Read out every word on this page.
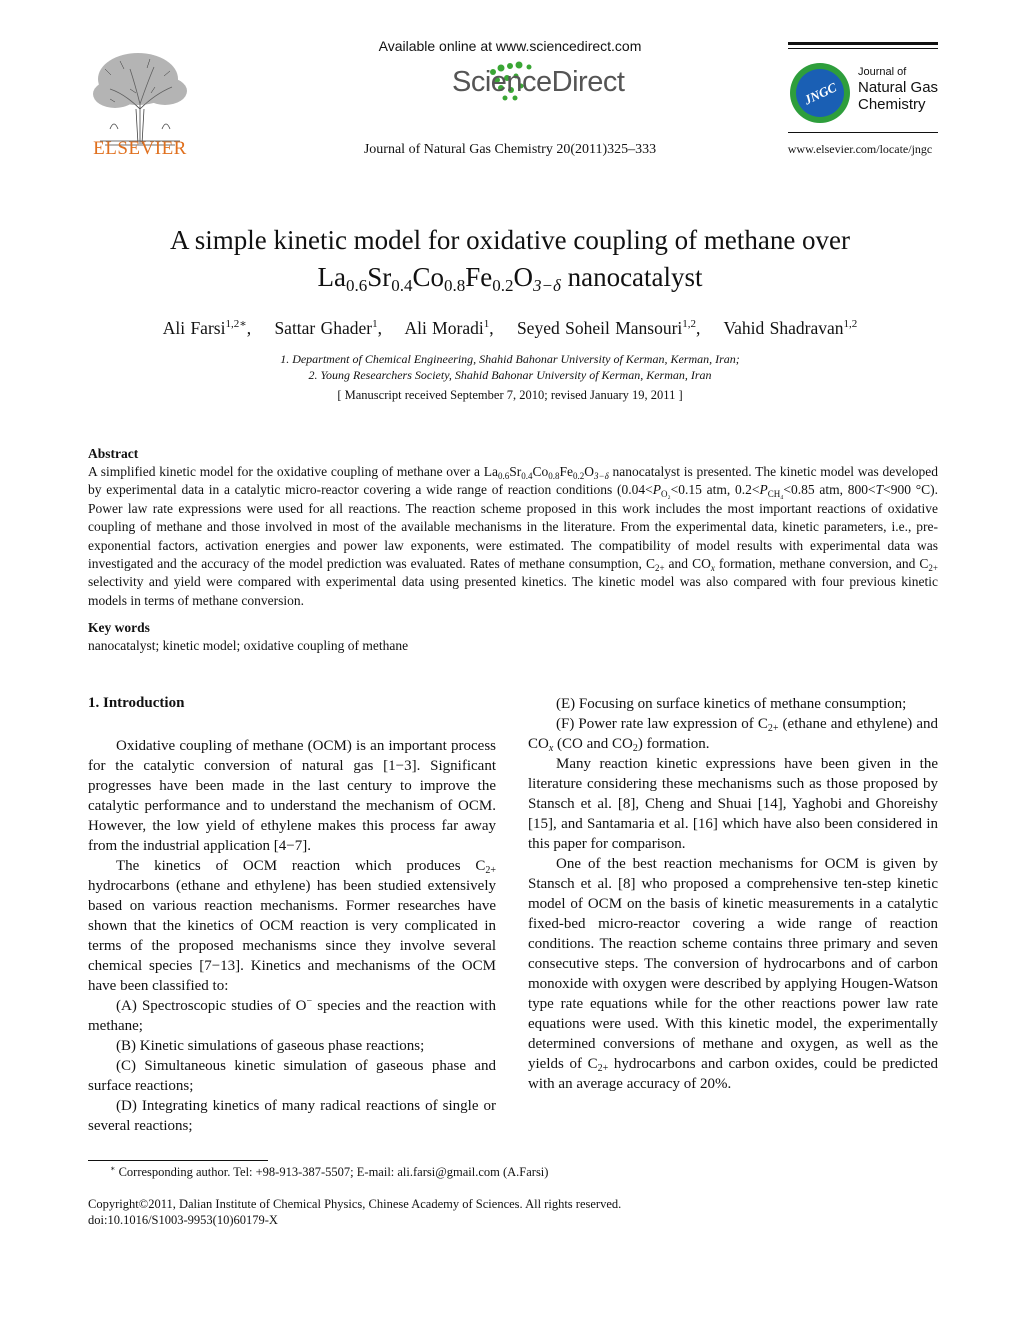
ELSEVIER
Available online at www.sciencedirect.com
ScienceDirect
Journal of Natural Gas Chemistry 20(2011)325–333
JNGC
Journal of
Natural Gas
Chemistry
www.elsevier.com/locate/jngc
A simple kinetic model for oxidative coupling of methane over
$La_{0.6}Sr_{0.4}Co_{0.8}Fe_{0.2}O_{3-\delta}$ nanocatalyst
Ali Farsi$^{1,2∗}$, Sattar Ghader$^1$, Ali Moradi$^1$, Seyed Soheil Mansouri$^{1,2}$, Vahid Shadravan$^{1,2}$
1. Department of Chemical Engineering, Shahid Bahonar University of Kerman, Kerman, Iran;
2. Young Researchers Society, Shahid Bahonar University of Kerman, Kerman, Iran
[ Manuscript received September 7, 2010; revised January 19, 2011 ]
Abstract
A simplified kinetic model for the oxidative coupling of methane over a $La_{0.6}Sr_{0.4}Co_{0.8}Fe_{0.2}O_{3-\delta}$ nanocatalyst is presented. The kinetic model was developed by experimental data in a catalytic micro-reactor covering a wide range of reaction conditions ($0.04<P_{O_2}<0.15$ atm, $0.2<P_{CH_4}<0.85$ atm, 800<T<900 °C). Power law rate expressions were used for all reactions. The reaction scheme proposed in this work includes the most important reactions of oxidative coupling of methane and those involved in most of the available mechanisms in the literature. From the experimental data, kinetic parameters, i.e., pre-exponential factors, activation energies and power law exponents, were estimated. The compatibility of model results with experimental data was investigated and the accuracy of the model prediction was evaluated. Rates of methane consumption, $C_{2+}$ and $CO_x$ formation, methane conversion, and $C_{2+}$ selectivity and yield were compared with experimental data using presented kinetics. The kinetic model was also compared with four previous kinetic models in terms of methane conversion.
Key words
nanocatalyst; kinetic model; oxidative coupling of methane
1. Introduction

Oxidative coupling of methane (OCM) is an important process for the catalytic conversion of natural gas [1−3]. Significant progresses have been made in the last century to improve the catalytic performance and to understand the mechanism of OCM. However, the low yield of ethylene makes this process far away from the industrial application [4−7].

The kinetics of OCM reaction which produces $C_{2+}$ hydrocarbons (ethane and ethylene) has been studied extensively based on various reaction mechanisms. Former researches have shown that the kinetics of OCM reaction is very complicated in terms of the proposed mechanisms since they involve several chemical species [7−13]. Kinetics and mechanisms of the OCM have been classified to:

(A) Spectroscopic studies of O− species and the reaction with methane;

(B) Kinetic simulations of gaseous phase reactions;

(C) Simultaneous kinetic simulation of gaseous phase and surface reactions;

(D) Integrating kinetics of many radical reactions of single or several reactions;

(E) Focusing on surface kinetics of methane consumption;

(F) Power rate law expression of $C_{2+}$ (ethane and ethylene) and $CO_x$ (CO and $CO_2$) formation.

Many reaction kinetic expressions have been given in the literature considering these mechanisms such as those proposed by Stansch et al. [8], Cheng and Shuai [14], Yaghobi and Ghoreishy [15], and Santamaria et al. [16] which have also been considered in this paper for comparison.

One of the best reaction mechanisms for OCM is given by Stansch et al. [8] who proposed a comprehensive ten-step kinetic model of OCM on the basis of kinetic measurements in a catalytic fixed-bed micro-reactor covering a wide range of reaction conditions. The reaction scheme contains three primary and seven consecutive steps. The conversion of hydrocarbons and of carbon monoxide with oxygen were described by applying Hougen-Watson type rate equations while for the other reactions power law rate equations were used. With this kinetic model, the experimentally determined conversions of methane and oxygen, as well as the yields of $C_{2+}$ hydrocarbons and carbon oxides, could be predicted with an average accuracy of 20%.

∗ Corresponding author. Tel: +98-913-387-5507; E-mail: ali.farsi@gmail.com (A.Farsi)
Copyright©2011, Dalian Institute of Chemical Physics, Chinese Academy of Sciences. All rights reserved.
doi:10.1016/S1003-9953(10)60179-X
